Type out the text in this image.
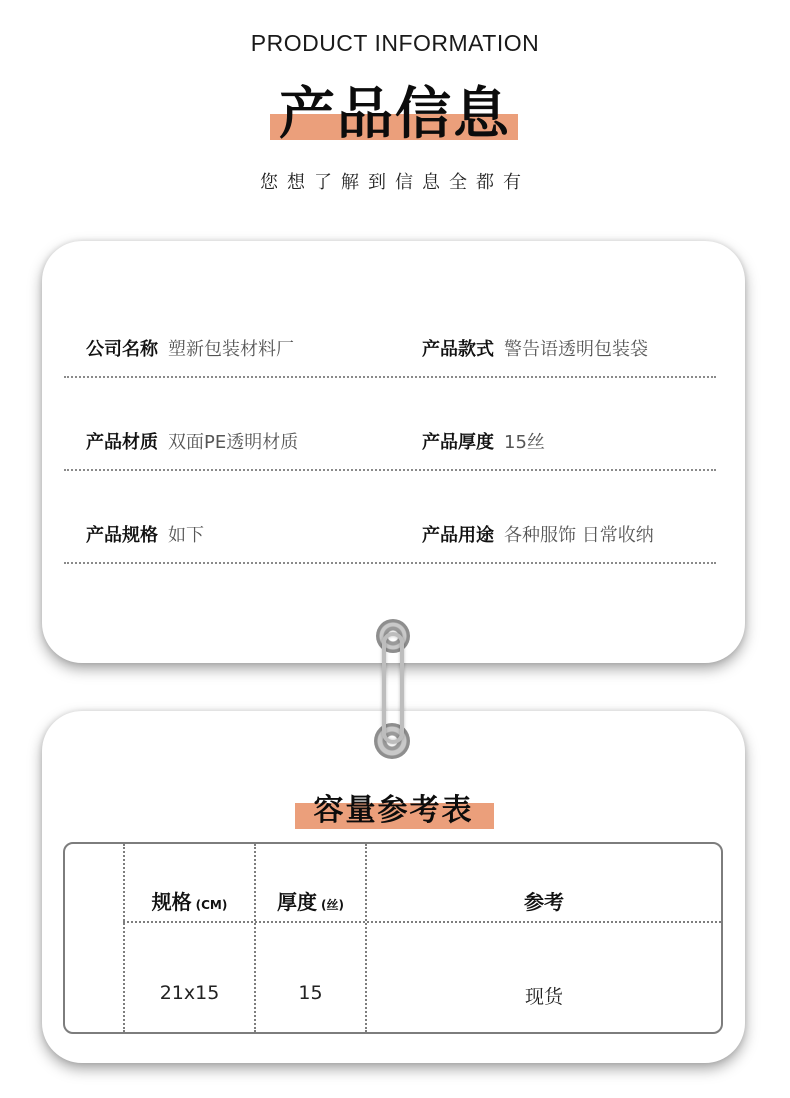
PRODUCT INFORMATION
产品信息
您想了解到信息全都有
公司名称 塑新包装材料厂	产品款式 警告语透明包装袋
产品材质 双面PE透明材质	产品厚度 15丝
产品规格 如下	产品用途 各种服饰 日常收纳
容量参考表
规格 (CM)	厚度 (丝)	参考
21x15	15	现货
